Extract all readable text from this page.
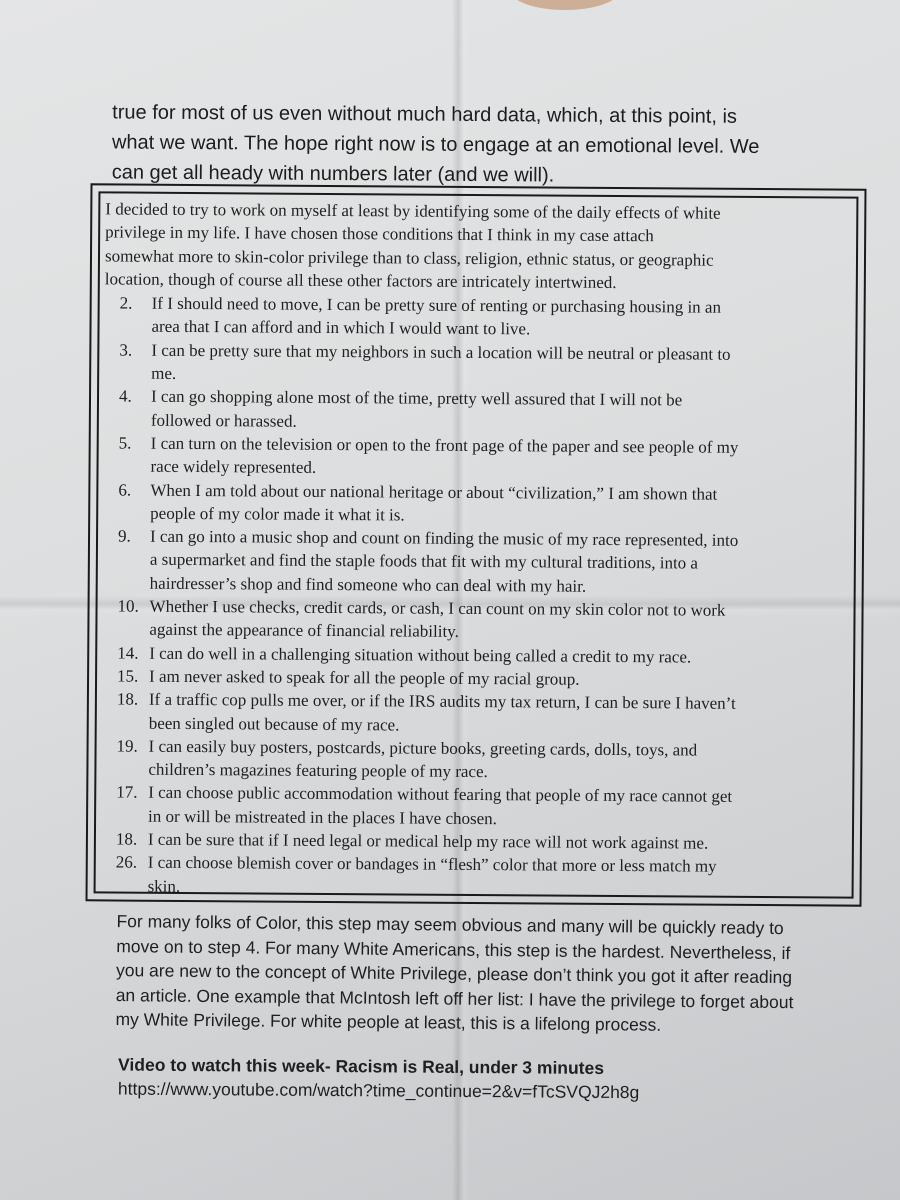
true for most of us even without much hard data, which, at this point, is

what we want. The hope right now is to engage at an emotional level. We

can get all heady with numbers later (and we will).

I decided to try to work on myself at least by identifying some of the daily effects of white
privilege in my life. I have chosen those conditions that I think in my case attach
somewhat more to skin-color privilege than to class, religion, ethnic status, or geographic
location, though of course all these other factors are intricately intertwined.
2.	If I should need to move, I can be pretty sure of renting or purchasing housing in an
area that I can afford and in which I would want to live.
3.	I can be pretty sure that my neighbors in such a location will be neutral or pleasant to
me.
4.	I can go shopping alone most of the time, pretty well assured that I will not be
followed or harassed.
5.	I can turn on the television or open to the front page of the paper and see people of my
race widely represented.
6.	When I am told about our national heritage or about “civilization,” I am shown that
people of my color made it what it is.
9.	I can go into a music shop and count on finding the music of my race represented, into
a supermarket and find the staple foods that fit with my cultural traditions, into a
hairdresser’s shop and find someone who can deal with my hair.
10. Whether I use checks, credit cards, or cash, I can count on my skin color not to work
against the appearance of financial reliability.
14. I can do well in a challenging situation without being called a credit to my race.
15. I am never asked to speak for all the people of my racial group.
18. If a traffic cop pulls me over, or if the IRS audits my tax return, I can be sure I haven’t
been singled out because of my race.
19. I can easily buy posters, postcards, picture books, greeting cards, dolls, toys, and
children’s magazines featuring people of my race.
17. I can choose public accommodation without fearing that people of my race cannot get
in or will be mistreated in the places I have chosen.
18. I can be sure that if I need legal or medical help my race will not work against me.
26. I can choose blemish cover or bandages in “flesh” color that more or less match my
skin.

For many folks of Color, this step may seem obvious and many will be quickly ready to

move on to step 4. For many White Americans, this step is the hardest. Nevertheless, if

you are new to the concept of White Privilege, please don’t think you got it after reading

an article. One example that McIntosh left off her list: I have the privilege to forget about

my White Privilege. For white people at least, this is a lifelong process.

Video to watch this week- Racism is Real, under 3 minutes

https://www.youtube.com/watch?time_continue=2&v=fTcSVQJ2h8g
